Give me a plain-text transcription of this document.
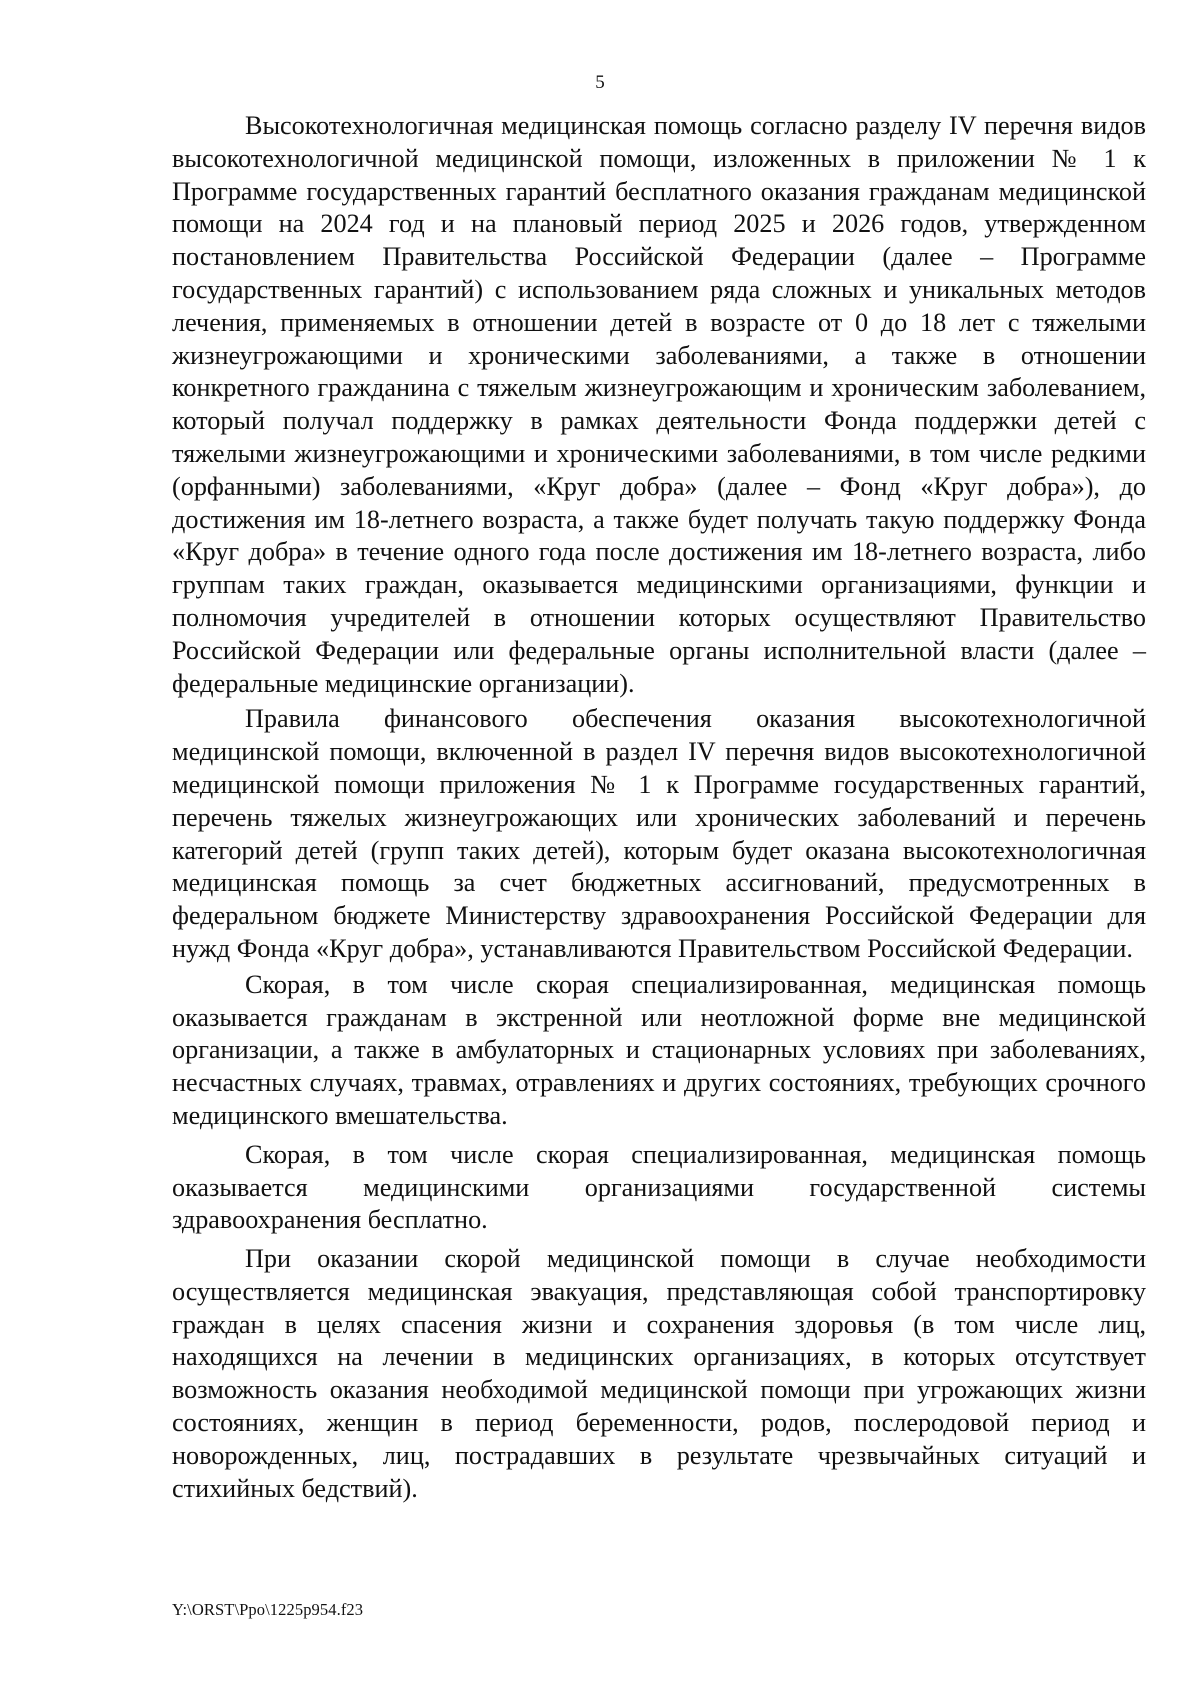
5

Высокотехнологичная медицинская помощь согласно разделу IV перечня видов высокотехнологичной медицинской помощи, изложенных в приложении № 1 к Программе государственных гарантий бесплатного оказания гражданам медицинской помощи на 2024 год и на плановый период 2025 и 2026 годов, утвержденном постановлением Правительства Российской Федерации (далее – Программе государственных гарантий) с использованием ряда сложных и уникальных методов лечения, применяемых в отношении детей в возрасте от 0 до 18 лет с тяжелыми жизнеугрожающими и хроническими заболеваниями, а также в отношении конкретного гражданина с тяжелым жизнеугрожающим и хроническим заболеванием, который получал поддержку в рамках деятельности Фонда поддержки детей с тяжелыми жизнеугрожающими и хроническими заболеваниями, в том числе редкими (орфанными) заболеваниями, «Круг добра» (далее – Фонд «Круг добра»), до достижения им 18-летнего возраста, а также будет получать такую поддержку Фонда «Круг добра» в течение одного года после достижения им 18-летнего возраста, либо группам таких граждан, оказывается медицинскими организациями, функции и полномочия учредителей в отношении которых осуществляют Правительство Российской Федерации или федеральные органы исполнительной власти (далее – федеральные медицинские организации).

Правила финансового обеспечения оказания высокотехнологичной медицинской помощи, включенной в раздел IV перечня видов высокотехнологичной медицинской помощи приложения № 1 к Программе государственных гарантий, перечень тяжелых жизнеугрожающих или хронических заболеваний и перечень категорий детей (групп таких детей), которым будет оказана высокотехнологичная медицинская помощь за счет бюджетных ассигнований, предусмотренных в федеральном бюджете Министерству здравоохранения Российской Федерации для нужд Фонда «Круг добра», устанавливаются Правительством Российской Федерации.

Скорая, в том числе скорая специализированная, медицинская помощь оказывается гражданам в экстренной или неотложной форме вне медицинской организации, а также в амбулаторных и стационарных условиях при заболеваниях, несчастных случаях, травмах, отравлениях и других состояниях, требующих срочного медицинского вмешательства.

Скорая, в том числе скорая специализированная, медицинская помощь оказывается медицинскими организациями государственной системы здравоохранения бесплатно.

При оказании скорой медицинской помощи в случае необходимости осуществляется медицинская эвакуация, представляющая собой транспортировку граждан в целях спасения жизни и сохранения здоровья (в том числе лиц, находящихся на лечении в медицинских организациях, в которых отсутствует возможность оказания необходимой медицинской помощи при угрожающих жизни состояниях, женщин в период беременности, родов, послеродовой период и новорожденных, лиц, пострадавших в результате чрезвычайных ситуаций и стихийных бедствий).

Y:\ORST\Ppo\1225p954.f23
